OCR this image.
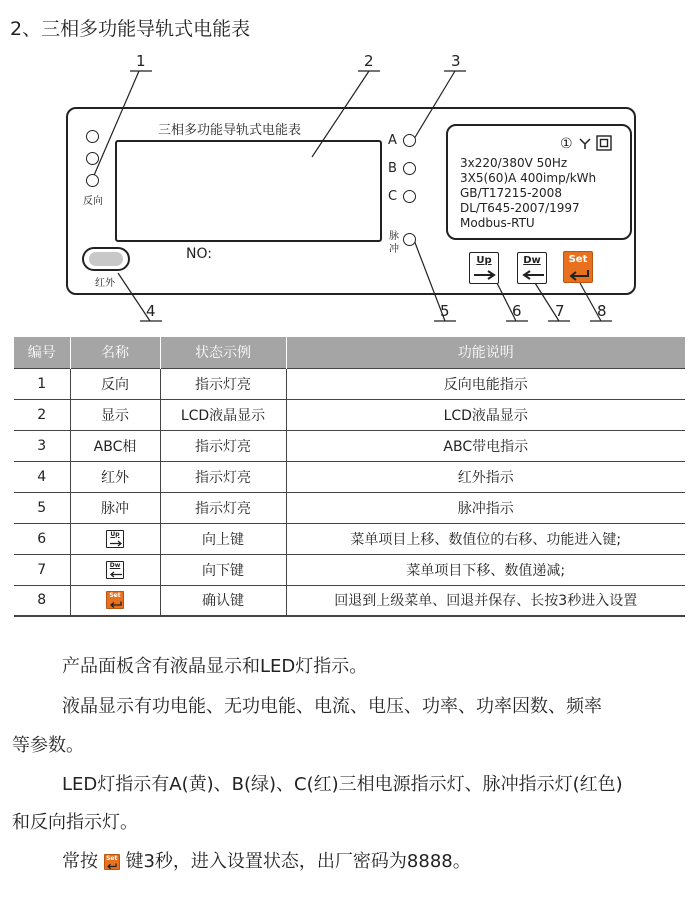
2、三相多功能导轨式电能表
1	2	3
4	5	6 7 8
反向
三相多功能导轨式电能表
NO:
红外
A
B
C
脉
冲
①
3x220/380V 50Hz
3X5(60)A 400imp/kWh
GB/T17215-2008
DL/T645-2007/1997
Modbus-RTU
Up	Dw	Set
编号	名称	状态示例	功能说明
1	反向	指示灯亮	反向电能指示
2	显示	LCD液晶显示	LCD液晶显示
3	ABC相	指示灯亮	ABC带电指示
4	红外	指示灯亮	红外指示
5	脉冲	指示灯亮	脉冲指示
6	Up	向上键	菜单项目上移、数值位的右移、功能进入键;
7	Dw	向下键	菜单项目下移、数值递减;
8	Set	确认键	回退到上级菜单、回退并保存、长按3秒进入设置
产品面板含有液晶显示和LED灯指示。
液晶显示有功电能、无功电能、电流、电压、功率、功率因数、频率
等参数。
LED灯指示有A(黄)、B(绿)、C(红)三相电源指示灯、脉冲指示灯(红色)
和反向指示灯。
常按 Set 键3秒，进入设置状态，出厂密码为8888。
